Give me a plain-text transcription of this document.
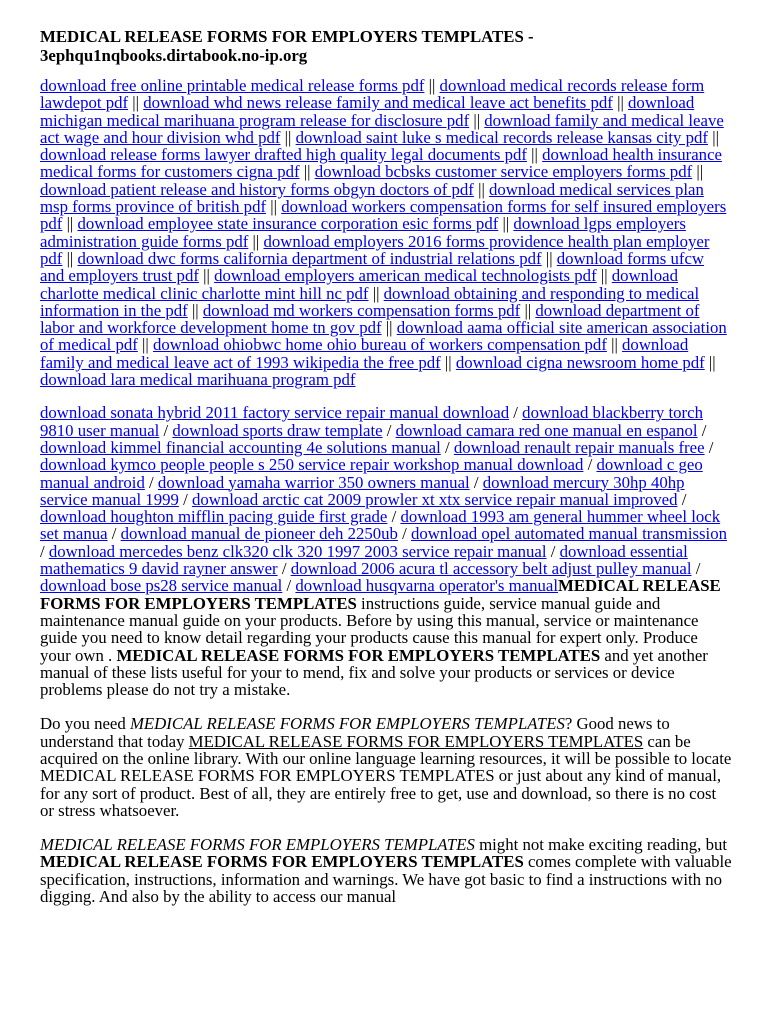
MEDICAL RELEASE FORMS FOR EMPLOYERS TEMPLATES -
3ephqu1nqbooks.dirtabook.no-ip.org
download free online printable medical release forms pdf || download medical records release form lawdepot pdf || download whd news release family and medical leave act benefits pdf || download michigan medical marihuana program release for disclosure pdf || download family and medical leave act wage and hour division whd pdf || download saint luke s medical records release kansas city pdf || download release forms lawyer drafted high quality legal documents pdf || download health insurance medical forms for customers cigna pdf || download bcbsks customer service employers forms pdf || download patient release and history forms obgyn doctors of pdf || download medical services plan msp forms province of british pdf || download workers compensation forms for self insured employers pdf || download employee state insurance corporation esic forms pdf || download lgps employers administration guide forms pdf || download employers 2016 forms providence health plan employer pdf || download dwc forms california department of industrial relations pdf || download forms ufcw and employers trust pdf || download employers american medical technologists pdf || download charlotte medical clinic charlotte mint hill nc pdf || download obtaining and responding to medical information in the pdf || download md workers compensation forms pdf || download department of labor and workforce development home tn gov pdf || download aama official site american association of medical pdf || download ohiobwc home ohio bureau of workers compensation pdf || download family and medical leave act of 1993 wikipedia the free pdf || download cigna newsroom home pdf || download lara medical marihuana program pdf
download sonata hybrid 2011 factory service repair manual download / download blackberry torch 9810 user manual / download sports draw template / download camara red one manual en espanol / download kimmel financial accounting 4e solutions manual / download renault repair manuals free / download kymco people people s 250 service repair workshop manual download / download c geo manual android / download yamaha warrior 350 owners manual / download mercury 30hp 40hp service manual 1999 / download arctic cat 2009 prowler xt xtx service repair manual improved / download houghton mifflin pacing guide first grade / download 1993 am general hummer wheel lock set manua / download manual de pioneer deh 2250ub / download opel automated manual transmission / download mercedes benz clk320 clk 320 1997 2003 service repair manual / download essential mathematics 9 david rayner answer / download 2006 acura tl accessory belt adjust pulley manual / download bose ps28 service manual / download husqvarna operator's manualMEDICAL RELEASE FORMS FOR EMPLOYERS TEMPLATES instructions guide, service manual guide and maintenance manual guide on your products. Before by using this manual, service or maintenance guide you need to know detail regarding your products cause this manual for expert only. Produce your own . MEDICAL RELEASE FORMS FOR EMPLOYERS TEMPLATES and yet another manual of these lists useful for your to mend, fix and solve your products or services or device problems please do not try a mistake.

Do you need MEDICAL RELEASE FORMS FOR EMPLOYERS TEMPLATES? Good news to understand that today MEDICAL RELEASE FORMS FOR EMPLOYERS TEMPLATES can be acquired on the online library. With our online language learning resources, it will be possible to locate MEDICAL RELEASE FORMS FOR EMPLOYERS TEMPLATES or just about any kind of manual, for any sort of product. Best of all, they are entirely free to get, use and download, so there is no cost or stress whatsoever.

MEDICAL RELEASE FORMS FOR EMPLOYERS TEMPLATES might not make exciting reading, but MEDICAL RELEASE FORMS FOR EMPLOYERS TEMPLATES comes complete with valuable specification, instructions, information and warnings. We have got basic to find a instructions with no digging. And also by the ability to access our manual
